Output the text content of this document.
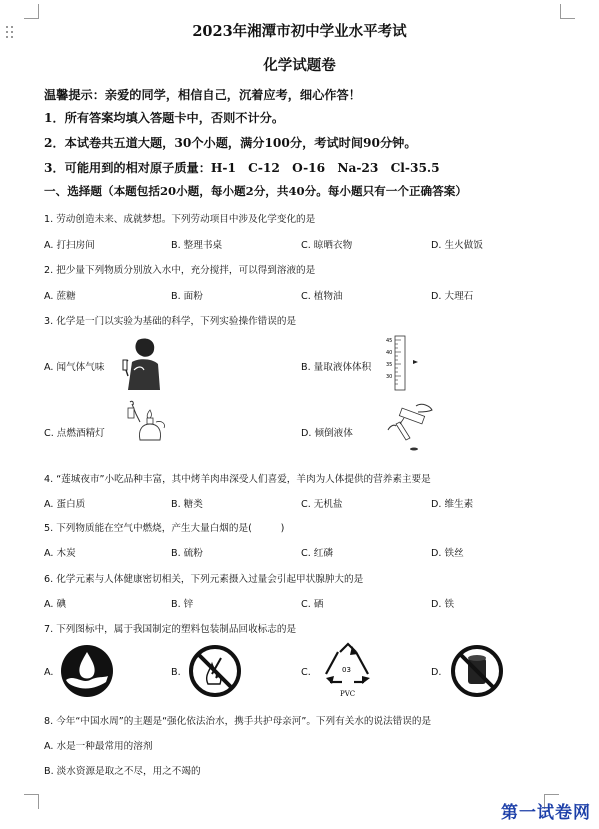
2023年湘潭市初中学业水平考试
化学试题卷
温馨提示：亲爱的同学，相信自己，沉着应考，细心作答！
1．所有答案均填入答题卡中，否则不计分。
2．本试卷共五道大题，30个小题，满分100分，考试时间90分钟。
3．可能用到的相对原子质量：H-1　C-12　O-16　Na-23　Cl-35.5
一、选择题（本题包括20小题，每小题2分，共40分。每小题只有一个正确答案）
1. 劳动创造未来、成就梦想。下列劳动项目中涉及化学变化的是
A. 打扫房间	B. 整理书桌	C. 晾晒衣物	D. 生火做饭
2. 把少量下列物质分别放入水中，充分搅拌，可以得到溶液的是
A. 蔗糖	B. 面粉	C. 植物油	D. 大理石
3. 化学是一门以实验为基础的科学，下列实验操作错误的是
A. 闻气体气味	B. 量取液体体积
C. 点燃酒精灯	D. 倾倒液体
45
40
35
30
4. “莲城夜市”小吃品种丰富，其中烤羊肉串深受人们喜爱，羊肉为人体提供的营养素主要是
A. 蛋白质	B. 糖类	C. 无机盐	D. 维生素
5. 下列物质能在空气中燃烧，产生大量白烟的是(　　　)
A. 木炭	B. 硫粉	C. 红磷	D. 铁丝
6. 化学元素与人体健康密切相关，下列元素摄入过量会引起甲状腺肿大的是
A. 碘	B. 锌	C. 硒	D. 铁
7. 下列图标中，属于我国制定的塑料包装制品回收标志的是
A.	B.	C.	D.
03
PVC
8. 今年“中国水周”的主题是“强化依法治水，携手共护母亲河”。下列有关水的说法错误的是
A. 水是一种最常用的溶剂
B. 淡水资源是取之不尽，用之不竭的
第一试卷网
